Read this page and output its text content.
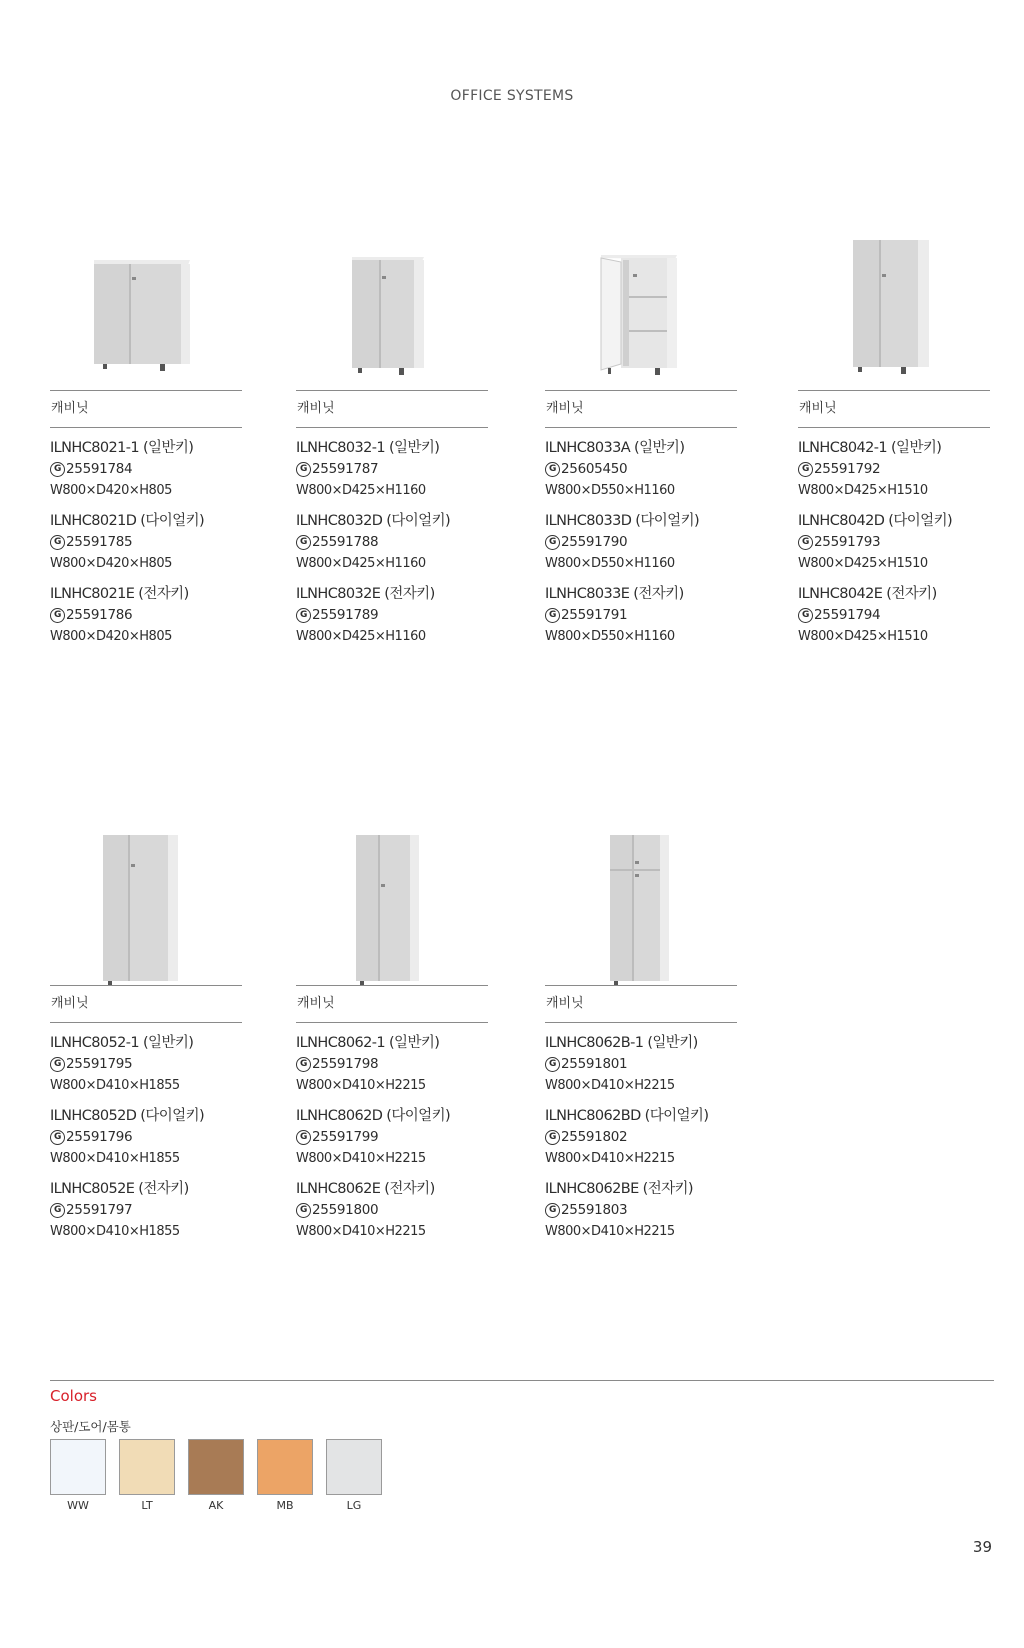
OFFICE SYSTEMS
캐비닛
ILNHC8021-1 (일반키)
G 25591784
W800×D420×H805
ILNHC8021D (다이얼키)
G 25591785
W800×D420×H805
ILNHC8021E (전자키)
G 25591786
W800×D420×H805
캐비닛
ILNHC8032-1 (일반키)
G 25591787
W800×D425×H1160
ILNHC8032D (다이얼키)
G 25591788
W800×D425×H1160
ILNHC8032E (전자키)
G 25591789
W800×D425×H1160
캐비닛
ILNHC8033A (일반키)
G 25605450
W800×D550×H1160
ILNHC8033D (다이얼키)
G 25591790
W800×D550×H1160
ILNHC8033E (전자키)
G 25591791
W800×D550×H1160
캐비닛
ILNHC8042-1 (일반키)
G 25591792
W800×D425×H1510
ILNHC8042D (다이얼키)
G 25591793
W800×D425×H1510
ILNHC8042E (전자키)
G 25591794
W800×D425×H1510
캐비닛
ILNHC8052-1 (일반키)
G 25591795
W800×D410×H1855
ILNHC8052D (다이얼키)
G 25591796
W800×D410×H1855
ILNHC8052E (전자키)
G 25591797
W800×D410×H1855
캐비닛
ILNHC8062-1 (일반키)
G 25591798
W800×D410×H2215
ILNHC8062D (다이얼키)
G 25591799
W800×D410×H2215
ILNHC8062E (전자키)
G 25591800
W800×D410×H2215
캐비닛
ILNHC8062B-1 (일반키)
G 25591801
W800×D410×H2215
ILNHC8062BD (다이얼키)
G 25591802
W800×D410×H2215
ILNHC8062BE (전자키)
G 25591803
W800×D410×H2215
Colors
상판/도어/몸통
WW	LT	AK	MB	LG
39
